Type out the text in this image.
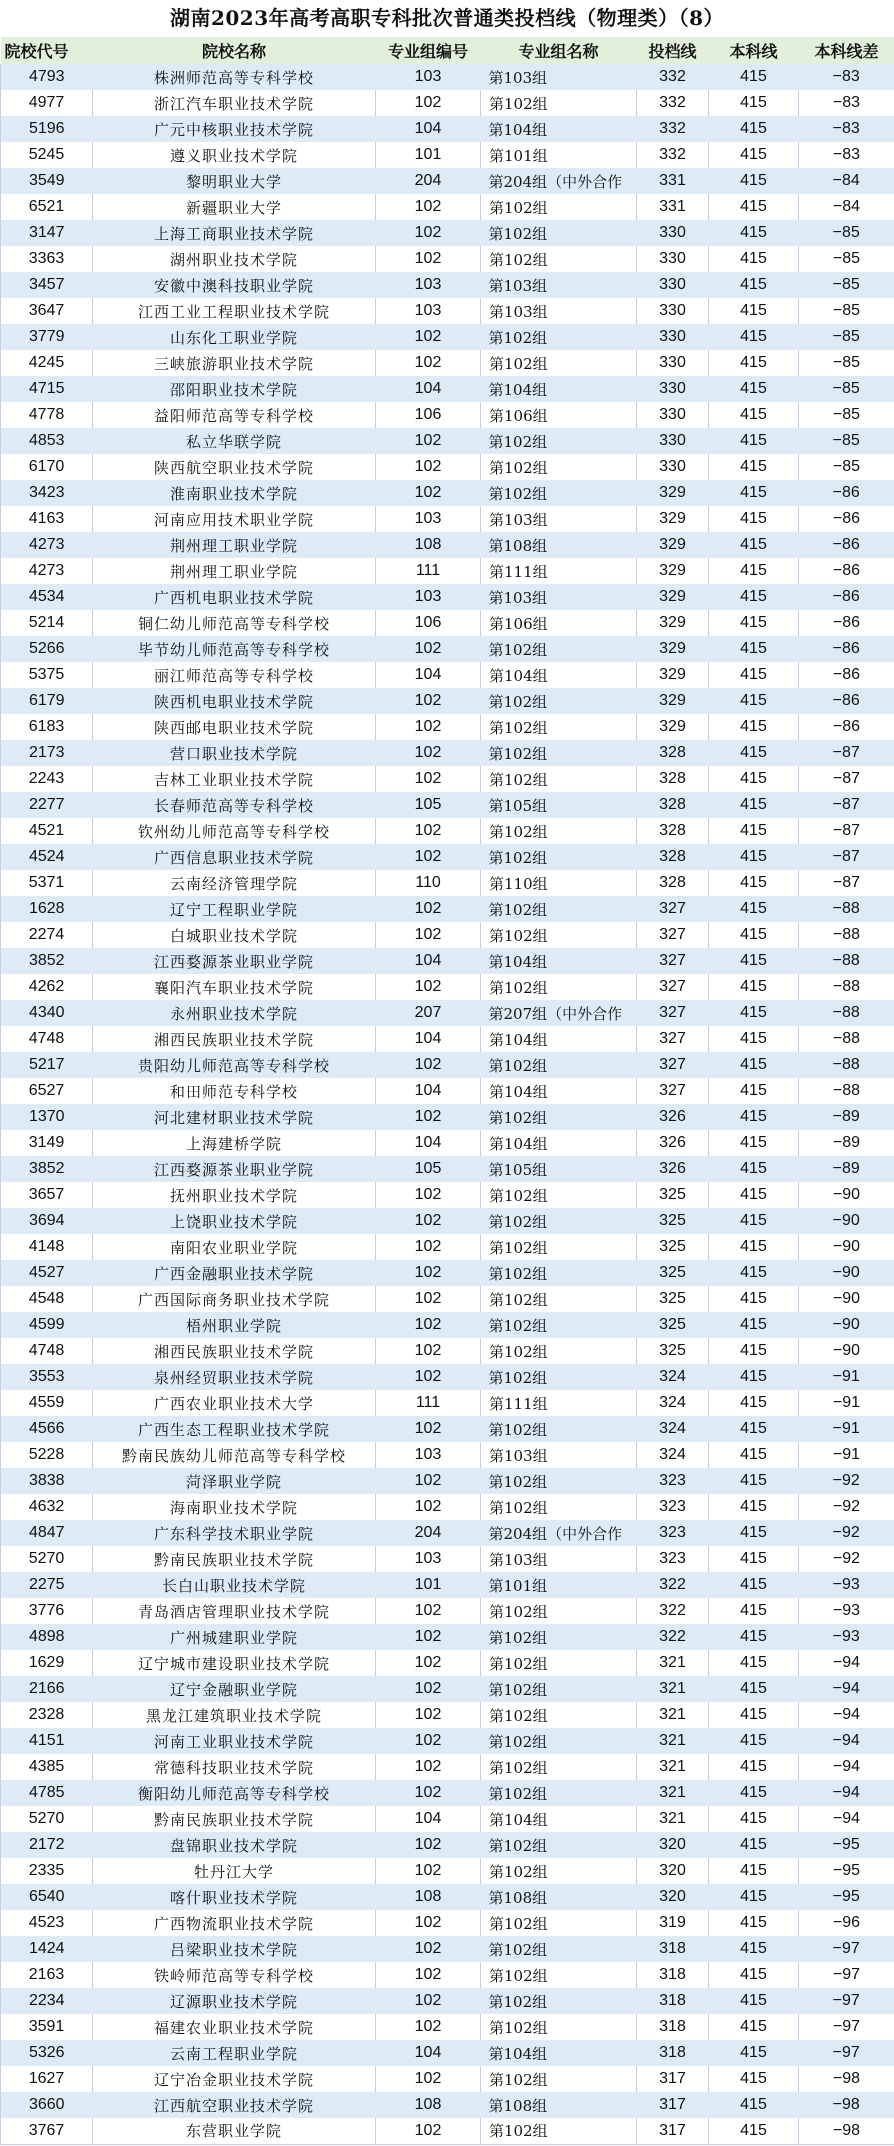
湖南2023年高考高职专科批次普通类投档线（物理类）（8）
院校代号	院校名称	专业组编号	专业组名称	投档线	本科线	本科线差
4793	株洲师范高等专科学校	103	第103组	332	415	−83
4977	浙江汽车职业技术学院	102	第102组	332	415	−83
5196	广元中核职业技术学院	104	第104组	332	415	−83
5245	遵义职业技术学院	101	第101组	332	415	−83
3549	黎明职业大学	204	第204组（中外合作	331	415	−84
6521	新疆职业大学	102	第102组	331	415	−84
3147	上海工商职业技术学院	102	第102组	330	415	−85
3363	湖州职业技术学院	102	第102组	330	415	−85
3457	安徽中澳科技职业学院	103	第103组	330	415	−85
3647	江西工业工程职业技术学院	103	第103组	330	415	−85
3779	山东化工职业学院	102	第102组	330	415	−85
4245	三峡旅游职业技术学院	102	第102组	330	415	−85
4715	邵阳职业技术学院	104	第104组	330	415	−85
4778	益阳师范高等专科学校	106	第106组	330	415	−85
4853	私立华联学院	102	第102组	330	415	−85
6170	陕西航空职业技术学院	102	第102组	330	415	−85
3423	淮南职业技术学院	102	第102组	329	415	−86
4163	河南应用技术职业学院	103	第103组	329	415	−86
4273	荆州理工职业学院	108	第108组	329	415	−86
4273	荆州理工职业学院	111	第111组	329	415	−86
4534	广西机电职业技术学院	103	第103组	329	415	−86
5214	铜仁幼儿师范高等专科学校	106	第106组	329	415	−86
5266	毕节幼儿师范高等专科学校	102	第102组	329	415	−86
5375	丽江师范高等专科学校	104	第104组	329	415	−86
6179	陕西机电职业技术学院	102	第102组	329	415	−86
6183	陕西邮电职业技术学院	102	第102组	329	415	−86
2173	营口职业技术学院	102	第102组	328	415	−87
2243	吉林工业职业技术学院	102	第102组	328	415	−87
2277	长春师范高等专科学校	105	第105组	328	415	−87
4521	钦州幼儿师范高等专科学校	102	第102组	328	415	−87
4524	广西信息职业技术学院	102	第102组	328	415	−87
5371	云南经济管理学院	110	第110组	328	415	−87
1628	辽宁工程职业学院	102	第102组	327	415	−88
2274	白城职业技术学院	102	第102组	327	415	−88
3852	江西婺源茶业职业学院	104	第104组	327	415	−88
4262	襄阳汽车职业技术学院	102	第102组	327	415	−88
4340	永州职业技术学院	207	第207组（中外合作	327	415	−88
4748	湘西民族职业技术学院	104	第104组	327	415	−88
5217	贵阳幼儿师范高等专科学校	102	第102组	327	415	−88
6527	和田师范专科学校	104	第104组	327	415	−88
1370	河北建材职业技术学院	102	第102组	326	415	−89
3149	上海建桥学院	104	第104组	326	415	−89
3852	江西婺源茶业职业学院	105	第105组	326	415	−89
3657	抚州职业技术学院	102	第102组	325	415	−90
3694	上饶职业技术学院	102	第102组	325	415	−90
4148	南阳农业职业学院	102	第102组	325	415	−90
4527	广西金融职业技术学院	102	第102组	325	415	−90
4548	广西国际商务职业技术学院	102	第102组	325	415	−90
4599	梧州职业学院	102	第102组	325	415	−90
4748	湘西民族职业技术学院	102	第102组	325	415	−90
3553	泉州经贸职业技术学院	102	第102组	324	415	−91
4559	广西农业职业技术大学	111	第111组	324	415	−91
4566	广西生态工程职业技术学院	102	第102组	324	415	−91
5228	黔南民族幼儿师范高等专科学校	103	第103组	324	415	−91
3838	菏泽职业学院	102	第102组	323	415	−92
4632	海南职业技术学院	102	第102组	323	415	−92
4847	广东科学技术职业学院	204	第204组（中外合作	323	415	−92
5270	黔南民族职业技术学院	103	第103组	323	415	−92
2275	长白山职业技术学院	101	第101组	322	415	−93
3776	青岛酒店管理职业技术学院	102	第102组	322	415	−93
4898	广州城建职业学院	102	第102组	322	415	−93
1629	辽宁城市建设职业技术学院	102	第102组	321	415	−94
2166	辽宁金融职业学院	102	第102组	321	415	−94
2328	黑龙江建筑职业技术学院	102	第102组	321	415	−94
4151	河南工业职业技术学院	102	第102组	321	415	−94
4385	常德科技职业技术学院	102	第102组	321	415	−94
4785	衡阳幼儿师范高等专科学校	102	第102组	321	415	−94
5270	黔南民族职业技术学院	104	第104组	321	415	−94
2172	盘锦职业技术学院	102	第102组	320	415	−95
2335	牡丹江大学	102	第102组	320	415	−95
6540	喀什职业技术学院	108	第108组	320	415	−95
4523	广西物流职业技术学院	102	第102组	319	415	−96
1424	吕梁职业技术学院	102	第102组	318	415	−97
2163	铁岭师范高等专科学校	102	第102组	318	415	−97
2234	辽源职业技术学院	102	第102组	318	415	−97
3591	福建农业职业技术学院	102	第102组	318	415	−97
5326	云南工程职业学院	104	第104组	318	415	−97
1627	辽宁冶金职业技术学院	102	第102组	317	415	−98
3660	江西航空职业技术学院	108	第108组	317	415	−98
3767	东营职业学院	102	第102组	317	415	−98
